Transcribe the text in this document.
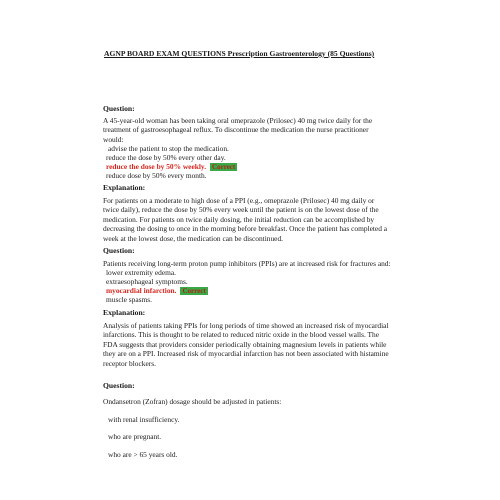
AGNP BOARD EXAM QUESTIONS Prescription Gastroenterology (85 Questions)
Question:
A 45-year-old woman has been taking oral omeprazole (Prilosec) 40 mg twice daily for the
treatment of gastroesophageal reflux. To discontinue the medication the nurse practitioner
would:
advise the patient to stop the medication.
reduce the dose by 50% every other day.
reduce the dose by 50% weekly. Correct
reduce dose by 50% every month.
Explanation:
For patients on a moderate to high dose of a PPI (e.g., omeprazole (Prilosec) 40 mg daily or
twice daily), reduce the dose by 50% every week until the patient is on the lowest dose of the
medication. For patients on twice daily dosing, the initial reduction can be accomplished by
decreasing the dosing to once in the morning before breakfast. Once the patient has completed a
week at the lowest dose, the medication can be discontinued.
Question:
Patients receiving long-term proton pump inhibitors (PPIs) are at increased risk for fractures and:
lower extremity edema.
extraesophageal symptoms.
myocardial infarction. Correct
muscle spasms.
Explanation:
Analysis of patients taking PPIs for long periods of time showed an increased risk of myocardial
infarctions. This is thought to be related to reduced nitric oxide in the blood vessel walls. The
FDA suggests that providers consider periodically obtaining magnesium levels in patients while
they are on a PPI. Increased risk of myocardial infarction has not been associated with histamine
receptor blockers.
Question:
Ondansetron (Zofran) dosage should be adjusted in patients:
with renal insufficiency.
who are pregnant.
who are > 65 years old.
